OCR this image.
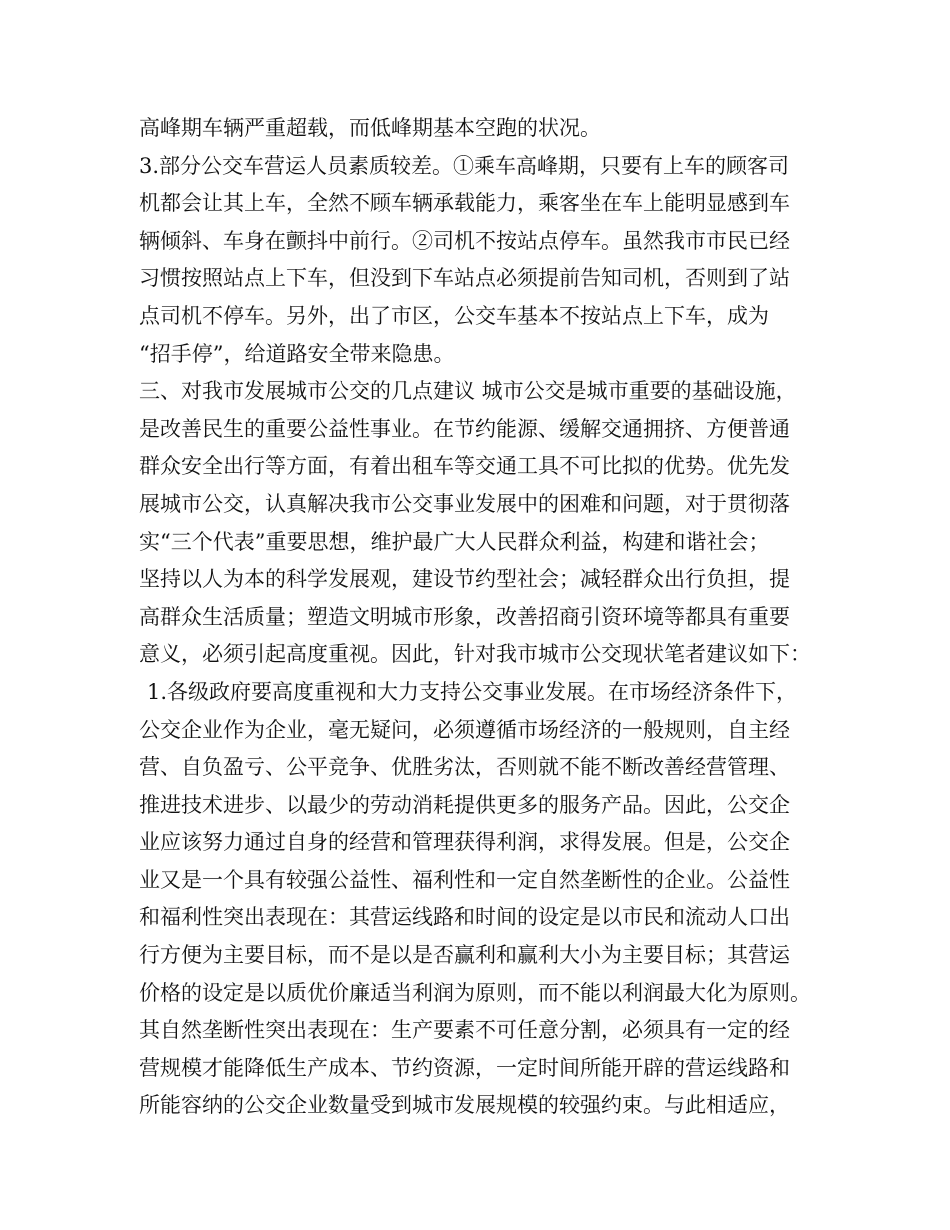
高峰期车辆严重超载，而低峰期基本空跑的状况。
3.部分公交车营运人员素质较差。①乘车高峰期，只要有上车的顾客司
机都会让其上车，全然不顾车辆承载能力，乘客坐在车上能明显感到车
辆倾斜、车身在颤抖中前行。②司机不按站点停车。虽然我市市民已经
习惯按照站点上下车，但没到下车站点必须提前告知司机，否则到了站
点司机不停车。另外，出了市区，公交车基本不按站点上下车，成为
“招手停”，给道路安全带来隐患。
三、对我市发展城市公交的几点建议 城市公交是城市重要的基础设施，
是改善民生的重要公益性事业。在节约能源、缓解交通拥挤、方便普通
群众安全出行等方面，有着出租车等交通工具不可比拟的优势。优先发
展城市公交，认真解决我市公交事业发展中的困难和问题，对于贯彻落
实“三个代表”重要思想，维护最广大人民群众利益，构建和谐社会；
坚持以人为本的科学发展观，建设节约型社会；减轻群众出行负担，提
高群众生活质量；塑造文明城市形象，改善招商引资环境等都具有重要
意义，必须引起高度重视。因此，针对我市城市公交现状笔者建议如下：
1.各级政府要高度重视和大力支持公交事业发展。在市场经济条件下，
公交企业作为企业，毫无疑问，必须遵循市场经济的一般规则，自主经
营、自负盈亏、公平竞争、优胜劣汰，否则就不能不断改善经营管理、
推进技术进步、以最少的劳动消耗提供更多的服务产品。因此，公交企
业应该努力通过自身的经营和管理获得利润，求得发展。但是，公交企
业又是一个具有较强公益性、福利性和一定自然垄断性的企业。公益性
和福利性突出表现在：其营运线路和时间的设定是以市民和流动人口出
行方便为主要目标，而不是以是否赢利和赢利大小为主要目标；其营运
价格的设定是以质优价廉适当利润为原则，而不能以利润最大化为原则。
其自然垄断性突出表现在：生产要素不可任意分割，必须具有一定的经
营规模才能降低生产成本、节约资源，一定时间所能开辟的营运线路和
所能容纳的公交企业数量受到城市发展规模的较强约束。与此相适应，
